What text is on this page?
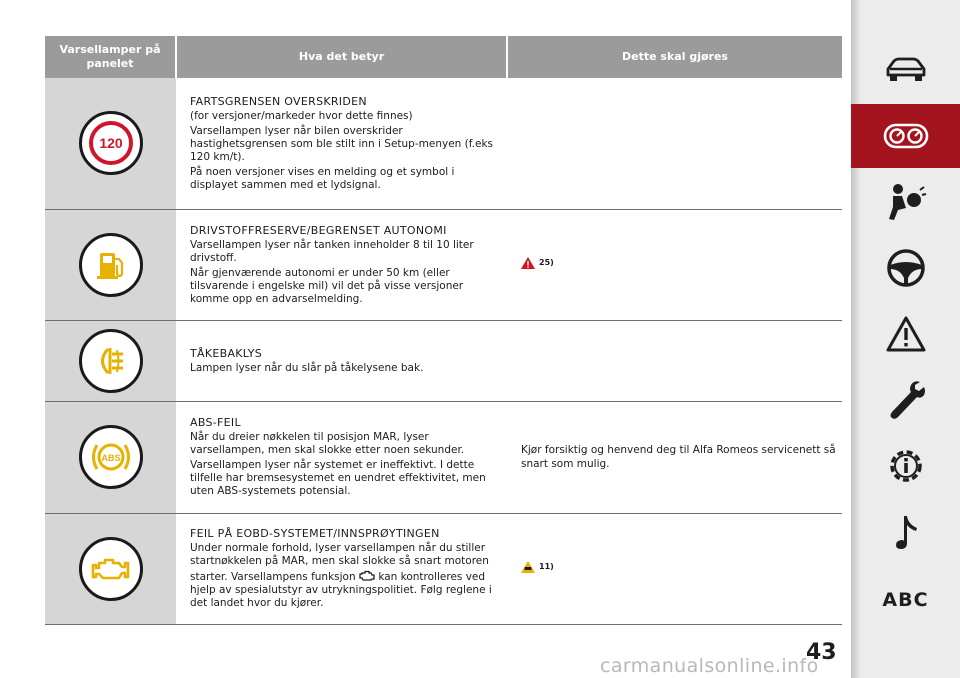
Varsellamper på panelet	Hva det betyr	Dette skal gjøres

120	FARTSGRENSEN OVERSKRIDEN
(for versjoner/markeder hvor dette finnes)
Varsellampen lyser når bilen overskrider hastighetsgrensen som ble stilt inn i Setup-menyen (f.eks 120 km/t).
På noen versjoner vises en melding og et symbol i displayet sammen med et lydsignal.	

DRIVSTOFFRESERVE/BEGRENSET AUTONOMI
Varsellampen lyser når tanken inneholder 8 til 10 liter drivstoff.
Når gjenværende autonomi er under 50 km (eller tilsvarende i engelske mil) vil det på visse versjoner komme opp en advarselmelding.	25)

TÅKEBAKLYS
Lampen lyser når du slår på tåkelysene bak.	

ABS	ABS-FEIL
Når du dreier nøkkelen til posisjon MAR, lyser varsellampen, men skal slokke etter noen sekunder.
Varsellampen lyser når systemet er ineffektivt. I dette tilfelle har bremsesystemet en uendret effektivitet, men uten ABS-systemets potensial.	Kjør forsiktig og henvend deg til Alfa Romeos servicenett så snart som mulig.

FEIL PÅ EOBD-SYSTEMET/INNSPRØYTINGEN
Under normale forhold, lyser varsellampen når du stiller startnøkkelen på MAR, men skal slokke så snart motoren
starter. Varsellampens funksjon kan kontrolleres ved hjelp av spesialutstyr av utrykningspolitiet. Følg reglene i det landet hvor du kjører.	11)
ABC
43
carmanualsonline.info
